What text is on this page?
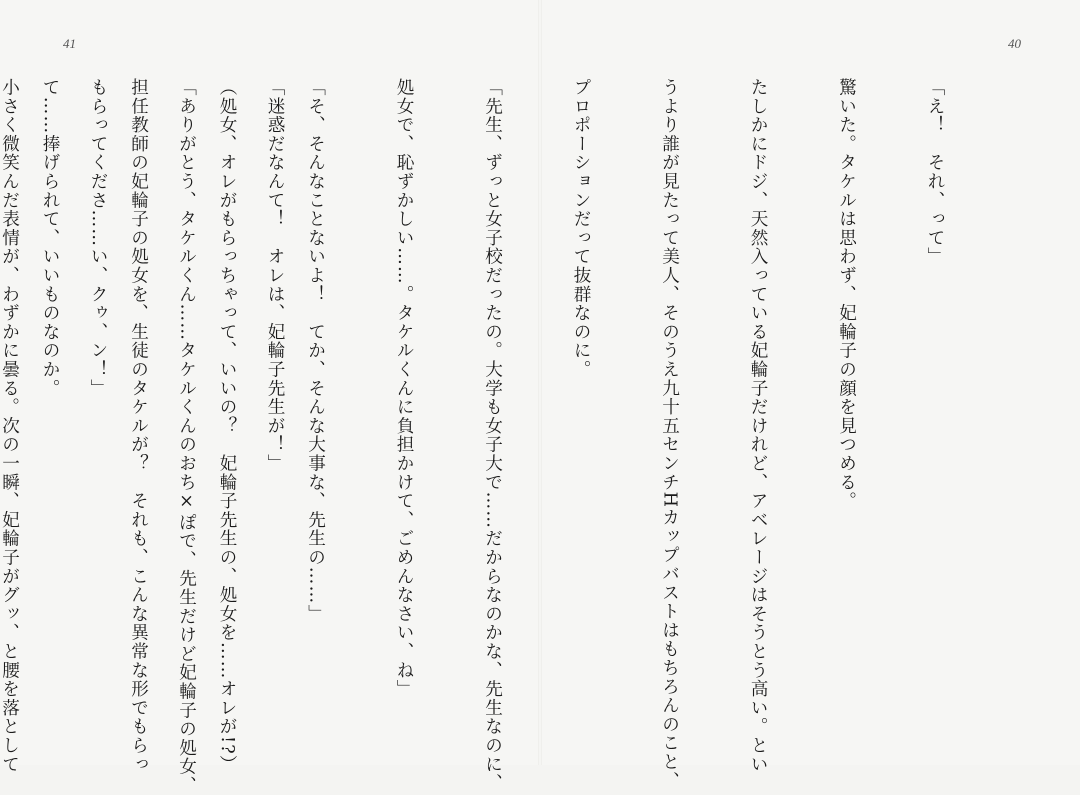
41

「迷惑だなんて！　オレは、妃輪子先生が！」

「ありがとう、タケルくん……タケルくんのおち×ぽで、先生だけど妃輪子の処女、

もらってくださ……い、クゥ、ン！」

小さく微笑んだ表情が、わずかに曇る。次の一瞬、妃輪子がグッ、と腰を落として

40

「え！　それ、って」

驚いた。タケルは思わず、妃輪子の顔を見つめる。

たしかにドジ、天然入っている妃輪子だけれど、アベレージはそうとう高い。とい

うより誰が見たって美人、そのうえ九十五センチHカップバストはもちろんのこと、

プロポーションだって抜群なのに。

「先生、ずっと女子校だったの。大学も女子大で……だからなのかな、先生なのに、

処女で、恥ずかしい……。タケルくんに負担かけて、ごめんなさい、ね」

「そ、そんなことないよ！　てか、そんな大事な、先生の……」

（処女、オレがもらっちゃって、いいの？　妃輪子先生の、処女を……オレが!?）

担任教師の妃輪子の処女を、生徒のタケルが？　それも、こんな異常な形でもらっ

て……捧げられて、いいものなのか。
